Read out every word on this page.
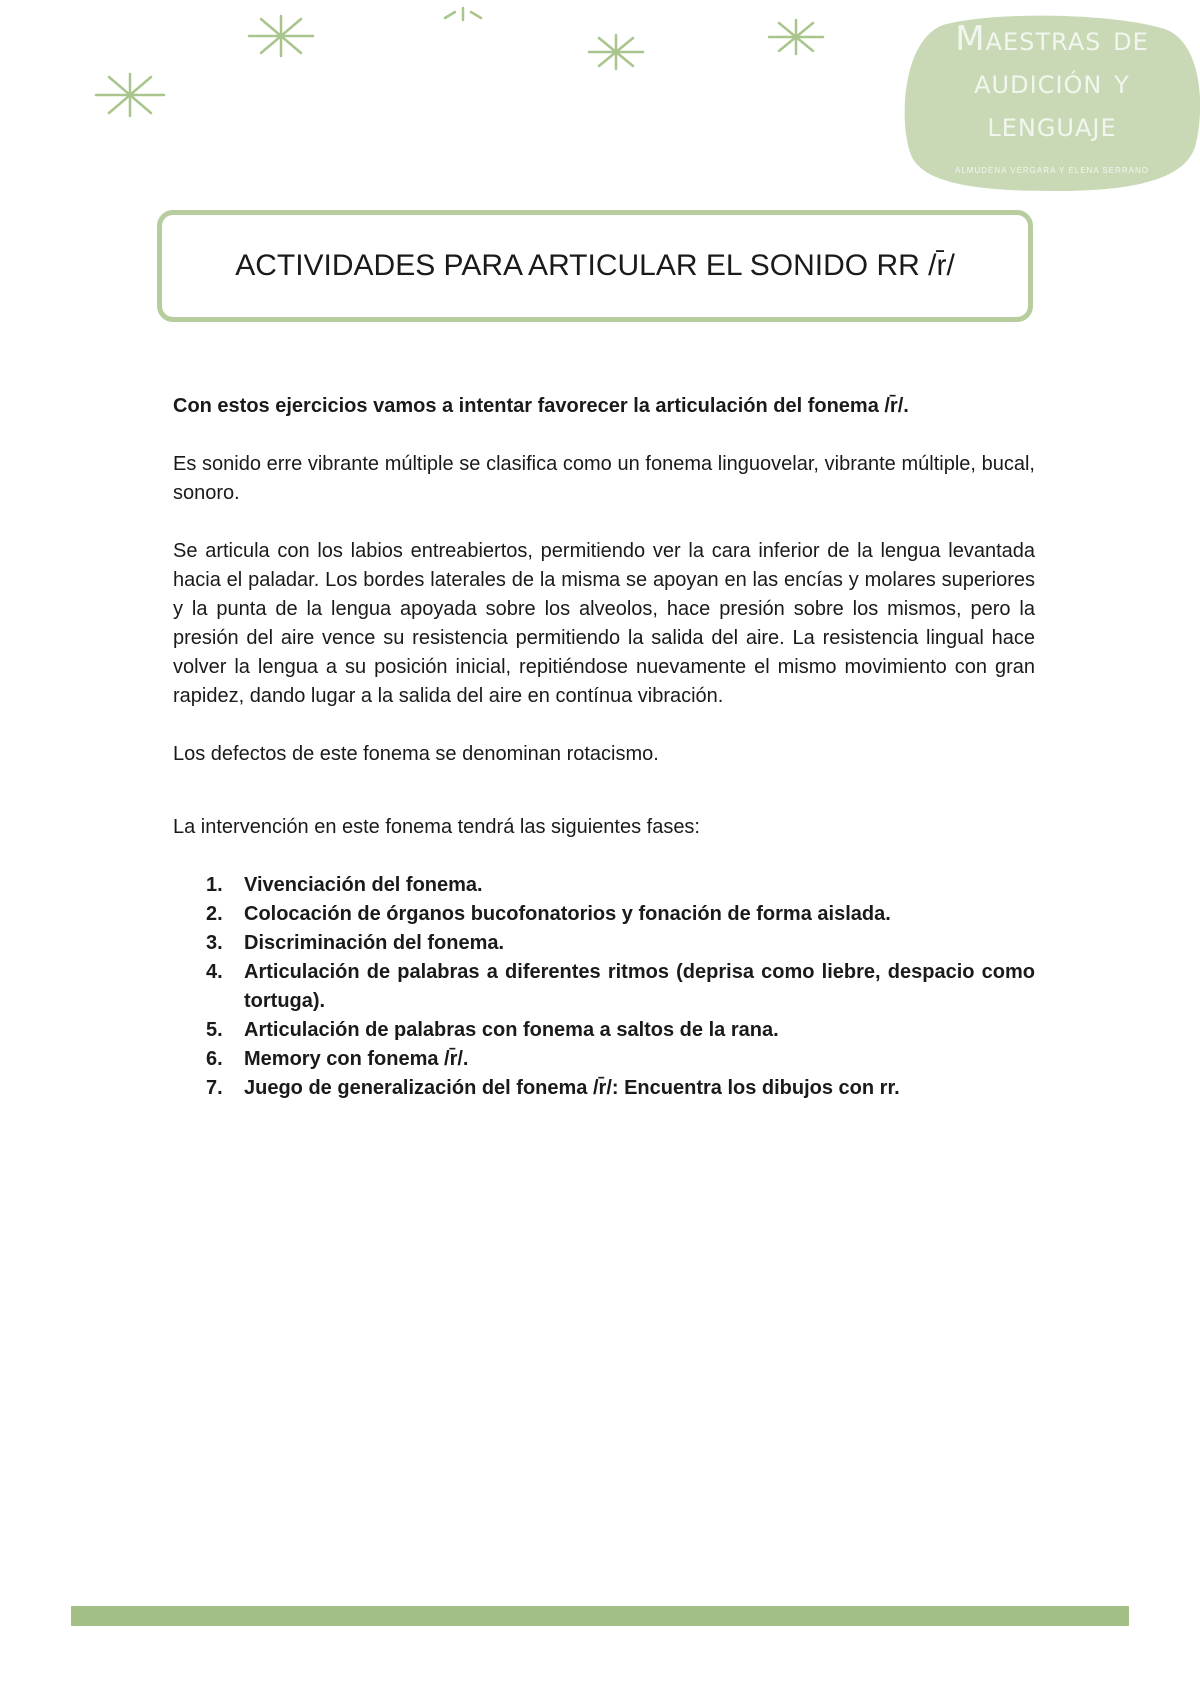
Maestras de
audición y
lenguaje
ALMUDENA VERGARA Y ELENA SERRANO
ACTIVIDADES PARA ARTICULAR EL SONIDO RR /r̄/

Con estos ejercicios vamos a intentar favorecer la articulación del fonema /r̄/.

Es sonido erre vibrante múltiple se clasifica como un fonema linguovelar, vibrante múltiple, bucal, sonoro.

Se articula con los labios entreabiertos, permitiendo ver la cara inferior de la lengua levantada hacia el paladar. Los bordes laterales de la misma se apoyan en las encías y molares superiores y la punta de la lengua apoyada sobre los alveolos, hace presión sobre los mismos, pero la presión del aire vence su resistencia permitiendo la salida del aire. La resistencia lingual hace volver la lengua a su posición inicial, repitiéndose nuevamente el mismo movimiento con gran rapidez, dando lugar a la salida del aire en contínua vibración.

Los defectos de este fonema se denominan rotacismo.

La intervención en este fonema tendrá las siguientes fases:

1. Vivenciación del fonema.
2. Colocación de órganos bucofonatorios y fonación de forma aislada.
3. Discriminación del fonema.
4. Articulación de palabras a diferentes ritmos (deprisa como liebre, despacio como tortuga).
5. Articulación de palabras con fonema a saltos de la rana.
6. Memory con fonema /r̄/.
7. Juego de generalización del fonema /r̄/: Encuentra los dibujos con rr.
